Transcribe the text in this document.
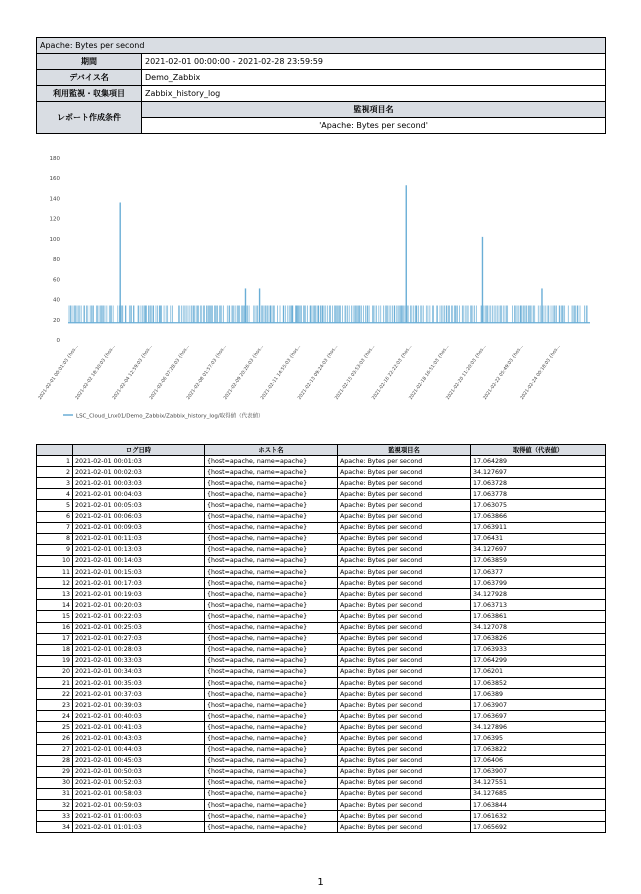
Apache: Bytes per second	
期間	2021-02-01 00:00:00 - 2021-02-28 23:59:59
デバイス名	Demo_Zabbix
利用監視・収集項目	Zabbix_history_log
レポート作成条件	監視項目名
	'Apache: Bytes per second'
0
20
40
60
80
100
120
140
160
180
2021-02-01 00:01:03 {hos...
2021-02-02 18:30:03 {hos...
2021-02-04 12:59:03 {hos...
2021-02-06 07:28:03 {hos...
2021-02-08 01:57:03 {hos...
2021-02-09 20:26:03 {hos...
2021-02-11 14:55:03 {hos...
2021-02-13 09:24:03 {hos...
2021-02-15 03:53:03 {hos...
2021-02-16 22:22:03 {hos...
2021-02-18 16:51:03 {hos...
2021-02-20 11:20:03 {hos...
2021-02-22 05:49:03 {hos...
2021-02-24 00:18:03 {hos...
LSC_Cloud_Lnx01/Demo_Zabbix/Zabbix_history_log/取得値（代表値）
	ログ日時	ホスト名	監視項目名	取得値（代表値）
1	2021-02-01 00:01:03	{host=apache, name=apache}	Apache: Bytes per second	17.064289
2	2021-02-01 00:02:03	{host=apache, name=apache}	Apache: Bytes per second	34.127697
3	2021-02-01 00:03:03	{host=apache, name=apache}	Apache: Bytes per second	17.063728
4	2021-02-01 00:04:03	{host=apache, name=apache}	Apache: Bytes per second	17.063778
5	2021-02-01 00:05:03	{host=apache, name=apache}	Apache: Bytes per second	17.063075
6	2021-02-01 00:06:03	{host=apache, name=apache}	Apache: Bytes per second	17.063866
7	2021-02-01 00:09:03	{host=apache, name=apache}	Apache: Bytes per second	17.063911
8	2021-02-01 00:11:03	{host=apache, name=apache}	Apache: Bytes per second	17.06431
9	2021-02-01 00:13:03	{host=apache, name=apache}	Apache: Bytes per second	34.127697
10	2021-02-01 00:14:03	{host=apache, name=apache}	Apache: Bytes per second	17.063859
11	2021-02-01 00:15:03	{host=apache, name=apache}	Apache: Bytes per second	17.06377
12	2021-02-01 00:17:03	{host=apache, name=apache}	Apache: Bytes per second	17.063799
13	2021-02-01 00:19:03	{host=apache, name=apache}	Apache: Bytes per second	34.127928
14	2021-02-01 00:20:03	{host=apache, name=apache}	Apache: Bytes per second	17.063713
15	2021-02-01 00:22:03	{host=apache, name=apache}	Apache: Bytes per second	17.063861
16	2021-02-01 00:25:03	{host=apache, name=apache}	Apache: Bytes per second	34.127078
17	2021-02-01 00:27:03	{host=apache, name=apache}	Apache: Bytes per second	17.063826
18	2021-02-01 00:28:03	{host=apache, name=apache}	Apache: Bytes per second	17.063933
19	2021-02-01 00:33:03	{host=apache, name=apache}	Apache: Bytes per second	17.064299
20	2021-02-01 00:34:03	{host=apache, name=apache}	Apache: Bytes per second	17.06201
21	2021-02-01 00:35:03	{host=apache, name=apache}	Apache: Bytes per second	17.063852
22	2021-02-01 00:37:03	{host=apache, name=apache}	Apache: Bytes per second	17.06389
23	2021-02-01 00:39:03	{host=apache, name=apache}	Apache: Bytes per second	17.063907
24	2021-02-01 00:40:03	{host=apache, name=apache}	Apache: Bytes per second	17.063697
25	2021-02-01 00:41:03	{host=apache, name=apache}	Apache: Bytes per second	34.127896
26	2021-02-01 00:43:03	{host=apache, name=apache}	Apache: Bytes per second	17.06395
27	2021-02-01 00:44:03	{host=apache, name=apache}	Apache: Bytes per second	17.063822
28	2021-02-01 00:45:03	{host=apache, name=apache}	Apache: Bytes per second	17.06406
29	2021-02-01 00:50:03	{host=apache, name=apache}	Apache: Bytes per second	17.063907
30	2021-02-01 00:52:03	{host=apache, name=apache}	Apache: Bytes per second	34.127551
31	2021-02-01 00:58:03	{host=apache, name=apache}	Apache: Bytes per second	34.127685
32	2021-02-01 00:59:03	{host=apache, name=apache}	Apache: Bytes per second	17.063844
33	2021-02-01 01:00:03	{host=apache, name=apache}	Apache: Bytes per second	17.061632
34	2021-02-01 01:01:03	{host=apache, name=apache}	Apache: Bytes per second	17.065692
1
